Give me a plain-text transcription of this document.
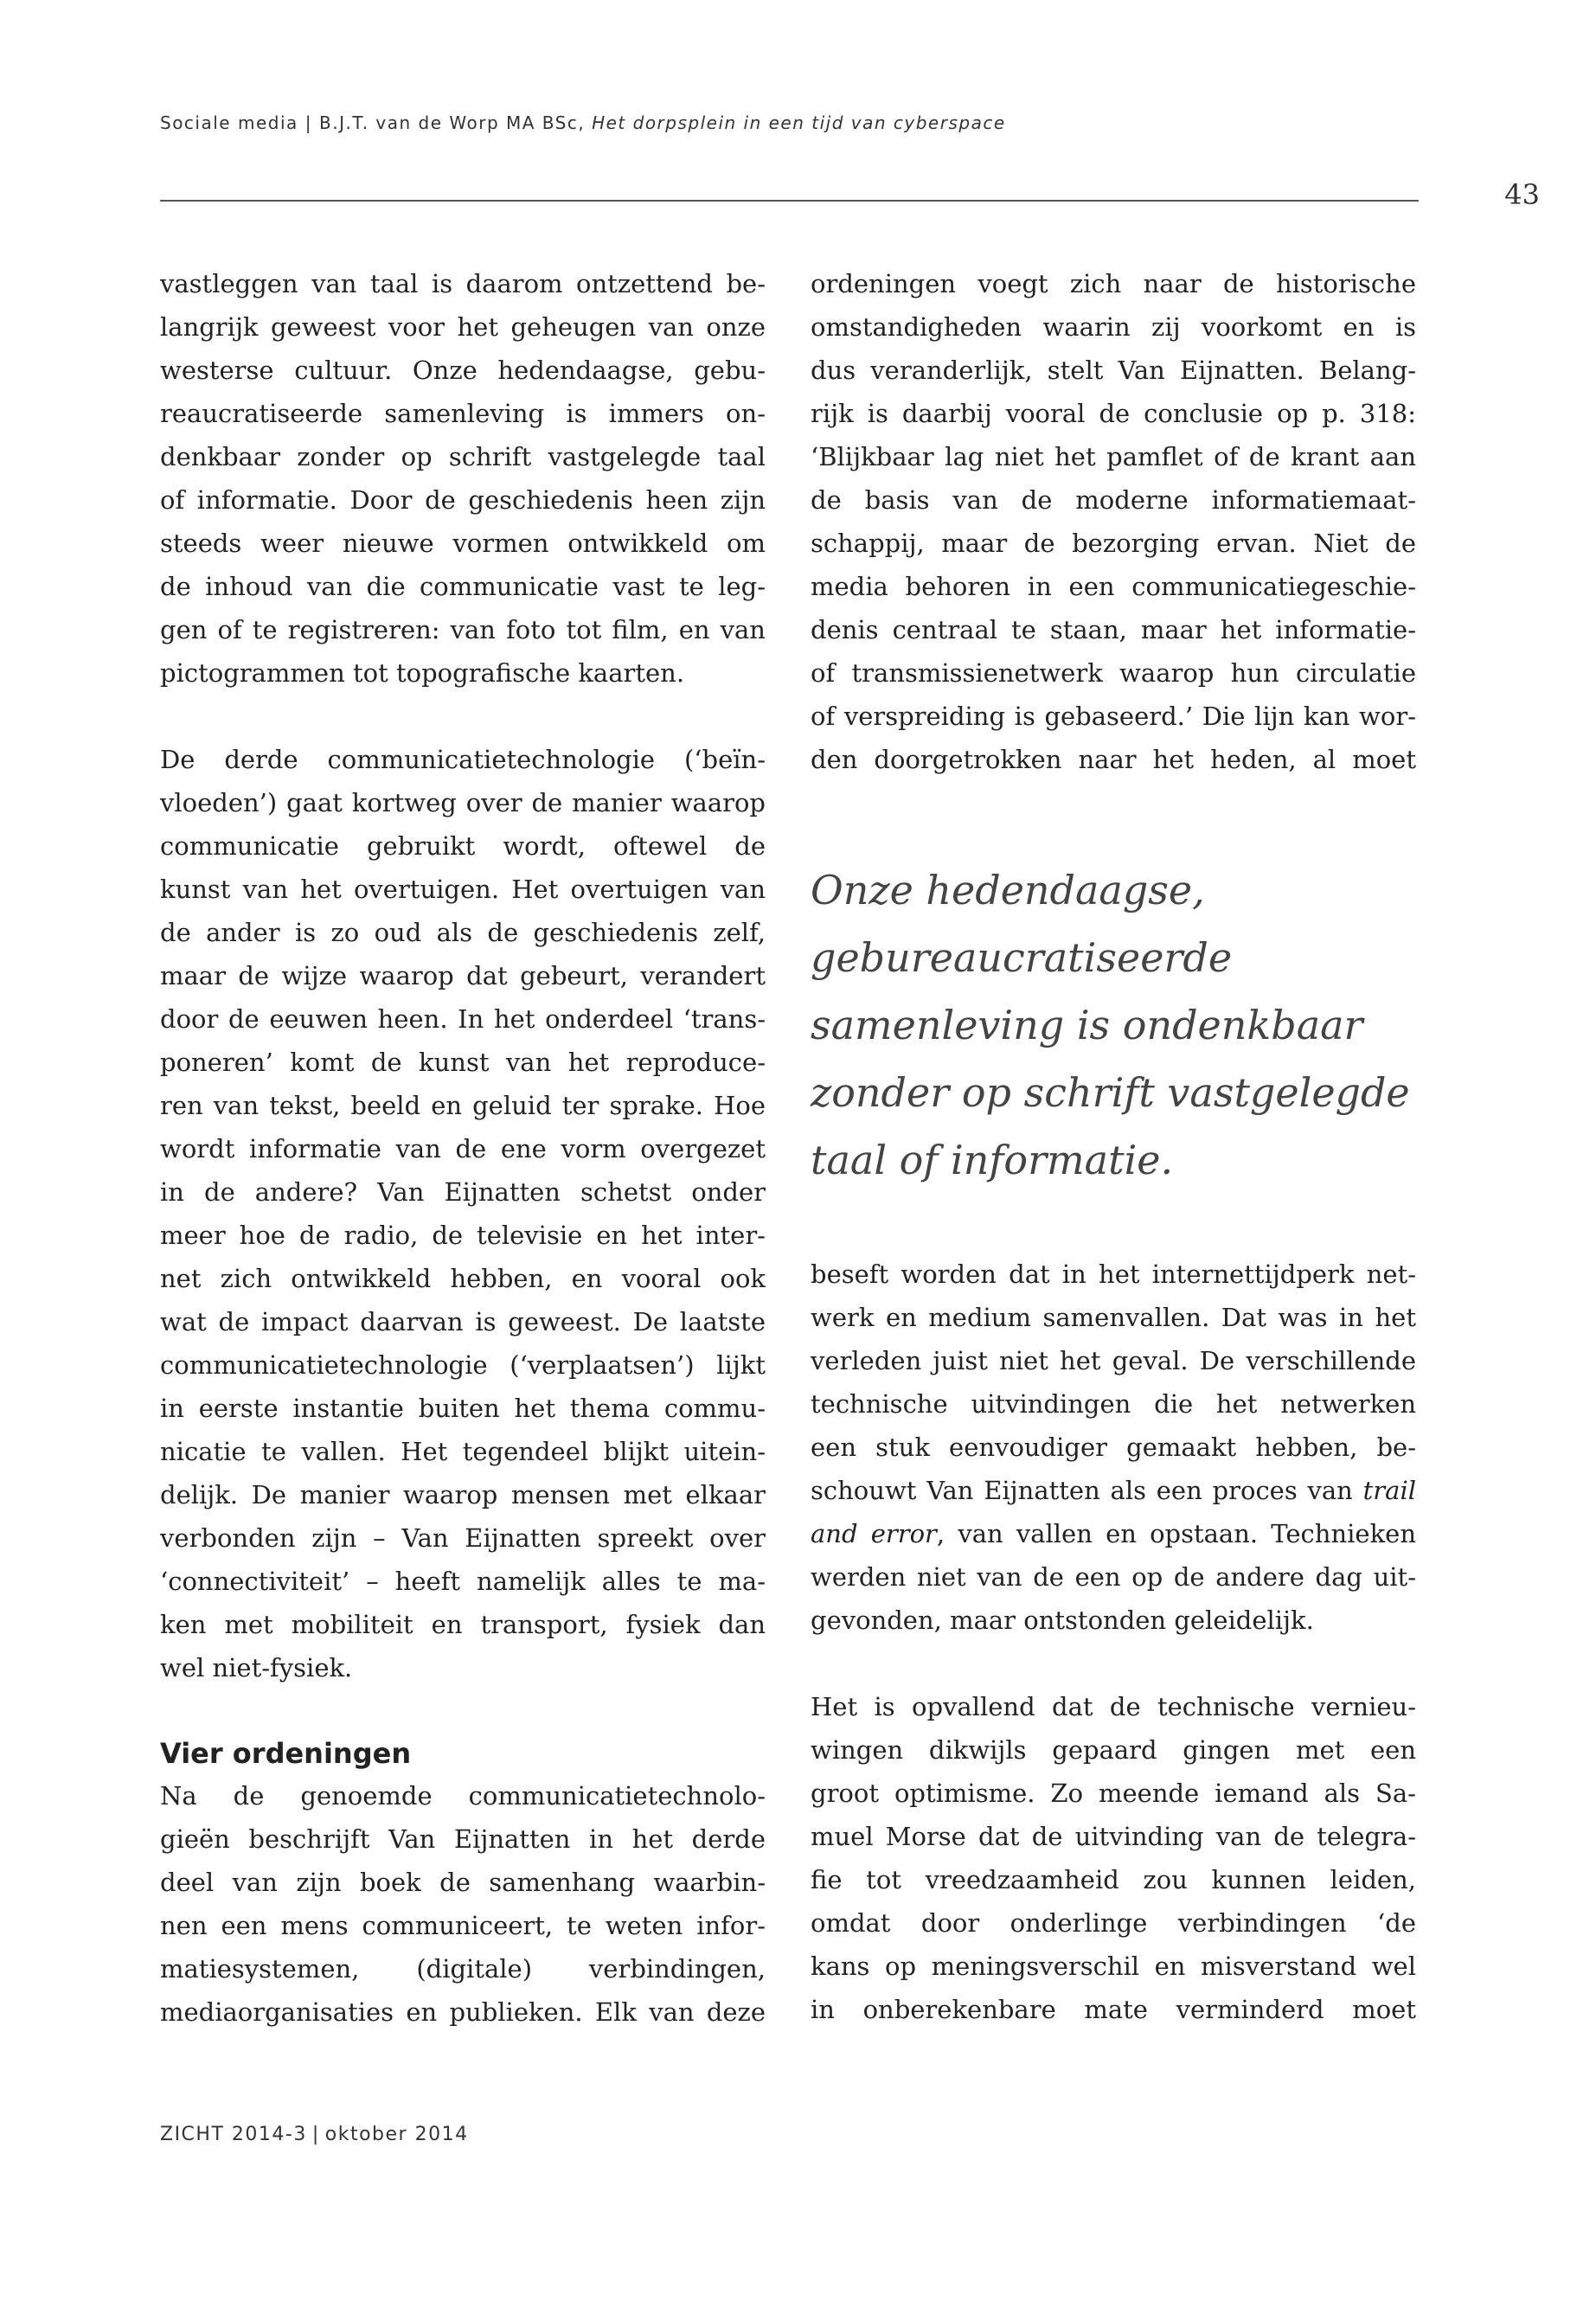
Sociale media | B.J.T. van de Worp MA BSc, Het dorpsplein in een tijd van cyberspace
43
vastleggen van taal is daarom ontzettend be-
langrijk geweest voor het geheugen van onze
westerse cultuur. Onze hedendaagse, gebu-
reaucratiseerde samenleving is immers on-
denkbaar zonder op schrift vastgelegde taal
of informatie. Door de geschiedenis heen zijn
steeds weer nieuwe vormen ontwikkeld om
de inhoud van die communicatie vast te leg-
gen of te registreren: van foto tot film, en van
pictogrammen tot topografische kaarten.
De derde communicatietechnologie (‘beïn-
vloeden’) gaat kortweg over de manier waarop
communicatie gebruikt wordt, oftewel de
kunst van het overtuigen. Het overtuigen van
de ander is zo oud als de geschiedenis zelf,
maar de wijze waarop dat gebeurt, verandert
door de eeuwen heen. In het onderdeel ‘trans-
poneren’ komt de kunst van het reproduce-
ren van tekst, beeld en geluid ter sprake. Hoe
wordt informatie van de ene vorm overgezet
in de andere? Van Eijnatten schetst onder
meer hoe de radio, de televisie en het inter-
net zich ontwikkeld hebben, en vooral ook
wat de impact daarvan is geweest. De laatste
communicatietechnologie (‘verplaatsen’) lijkt
in eerste instantie buiten het thema commu-
nicatie te vallen. Het tegendeel blijkt uitein-
delijk. De manier waarop mensen met elkaar
verbonden zijn – Van Eijnatten spreekt over
‘connectiviteit’ – heeft namelijk alles te ma-
ken met mobiliteit en transport, fysiek dan
wel niet-fysiek.
Vier ordeningen
Na de genoemde communicatietechnolo-
gieën beschrijft Van Eijnatten in het derde
deel van zijn boek de samenhang waarbin-
nen een mens communiceert, te weten infor-
matiesystemen, (digitale) verbindingen,
mediaorganisaties en publieken. Elk van deze
ordeningen voegt zich naar de historische
omstandigheden waarin zij voorkomt en is
dus veranderlijk, stelt Van Eijnatten. Belang-
rijk is daarbij vooral de conclusie op p. 318:
‘Blijkbaar lag niet het pamflet of de krant aan
de basis van de moderne informatiemaat-
schappij, maar de bezorging ervan. Niet de
media behoren in een communicatiegeschie-
denis centraal te staan, maar het informatie-
of transmissienetwerk waarop hun circulatie
of verspreiding is gebaseerd.’ Die lijn kan wor-
den doorgetrokken naar het heden, al moet
Onze hedendaagse,
gebureaucratiseerde
samenleving is ondenkbaar
zonder op schrift vastgelegde
taal of informatie.
beseft worden dat in het internettijdperk net-
werk en medium samenvallen. Dat was in het
verleden juist niet het geval. De verschillende
technische uitvindingen die het netwerken
een stuk eenvoudiger gemaakt hebben, be-
schouwt Van Eijnatten als een proces van trail
and error, van vallen en opstaan. Technieken
werden niet van de een op de andere dag uit-
gevonden, maar ontstonden geleidelijk.
Het is opvallend dat de technische vernieu-
wingen dikwijls gepaard gingen met een
groot optimisme. Zo meende iemand als Sa-
muel Morse dat de uitvinding van de telegra-
fie tot vreedzaamheid zou kunnen leiden,
omdat door onderlinge verbindingen ‘de
kans op meningsverschil en misverstand wel
in onberekenbare mate verminderd moet
ZICHT 2014-3 | oktober 2014
